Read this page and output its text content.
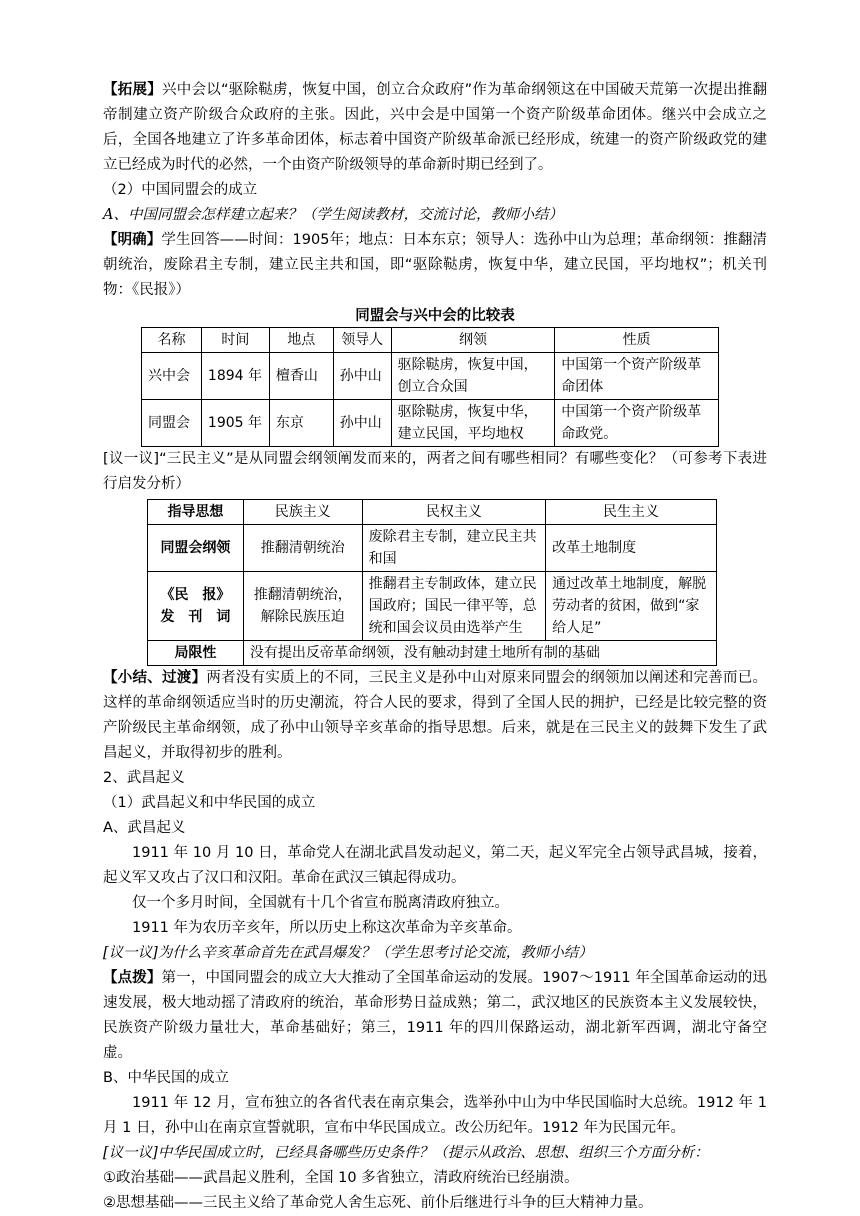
【拓展】兴中会以“驱除鞑虏，恢复中国，创立合众政府”作为革命纲领这在中国破天荒第一次提出推翻帝制建立资产阶级合众政府的主张。因此，兴中会是中国第一个资产阶级革命团体。继兴中会成立之后，全国各地建立了许多革命团体，标志着中国资产阶级革命派已经形成，统建一的资产阶级政党的建立已经成为时代的必然，一个由资产阶级领导的革命新时期已经到了。

（2）中国同盟会的成立

A、中国同盟会怎样建立起来？（学生阅读教材，交流讨论，教师小结）

【明确】学生回答——时间：1905年；地点：日本东京；领导人：选孙中山为总理；革命纲领：推翻清朝统治，废除君主专制，建立民主共和国，即“驱除鞑虏，恢复中华，建立民国，平均地权”；机关刊物：《民报》）

同盟会与兴中会的比较表
名称	时间	地点	领导人	纲领	性质
兴中会	1894 年	檀香山	孙中山	驱除鞑虏，恢复中国，创立合众国	中国第一个资产阶级革命团体
同盟会	1905 年	东京	孙中山	驱除鞑虏，恢复中华，建立民国，平均地权	中国第一个资产阶级革命政党。

[议一议]“三民主义”是从同盟会纲领阐发而来的，两者之间有哪些相同？有哪些变化？（可参考下表进行启发分析）

指导思想	民族主义	民权主义	民生主义
同盟会纲领	推翻清朝统治	废除君主专制，建立民主共和国	改革土地制度

《民　报》
发　刊　词	推翻清朝统治，解除民族压迫	推翻君主专制政体，建立民国政府；国民一律平等，总统和国会议员由选举产生	通过改革土地制度，解脱劳动者的贫困，做到“家给人足”
局限性	没有提出反帝革命纲领，没有触动封建土地所有制的基础		

【小结、过渡】两者没有实质上的不同，三民主义是孙中山对原来同盟会的纲领加以阐述和完善而已。这样的革命纲领适应当时的历史潮流，符合人民的要求，得到了全国人民的拥护，已经是比较完整的资产阶级民主革命纲领，成了孙中山领导辛亥革命的指导思想。后来，就是在三民主义的鼓舞下发生了武昌起义，并取得初步的胜利。

2、武昌起义

（1）武昌起义和中华民国的成立

A、武昌起义

1911 年 10 月 10 日，革命党人在湖北武昌发动起义，第二天，起义军完全占领导武昌城，接着，起义军又攻占了汉口和汉阳。革命在武汉三镇起得成功。

仅一个多月时间，全国就有十几个省宣布脱离清政府独立。

1911 年为农历辛亥年，所以历史上称这次革命为辛亥革命。

[议一议]为什么辛亥革命首先在武昌爆发？（学生思考讨论交流，教师小结）

【点拨】第一，中国同盟会的成立大大推动了全国革命运动的发展。1907～1911 年全国革命运动的迅速发展，极大地动摇了清政府的统治，革命形势日益成熟；第二，武汉地区的民族资本主义发展较快，民族资产阶级力量壮大，革命基础好；第三，1911 年的四川保路运动，湖北新军西调，湖北守备空虚。

B、中华民国的成立

1911 年 12 月，宣布独立的各省代表在南京集会，选举孙中山为中华民国临时大总统。1912 年 1 月 1 日，孙中山在南京宣誓就职，宣布中华民国成立。改公历纪年。1912 年为民国元年。

[议一议]中华民国成立时，已经具备哪些历史条件？（提示从政治、思想、组织三个方面分析：

①政治基础——武昌起义胜利，全国 10 多省独立，清政府统治已经崩溃。

②思想基础——三民主义给了革命党人舍生忘死、前仆后继进行斗争的巨大精神力量。
